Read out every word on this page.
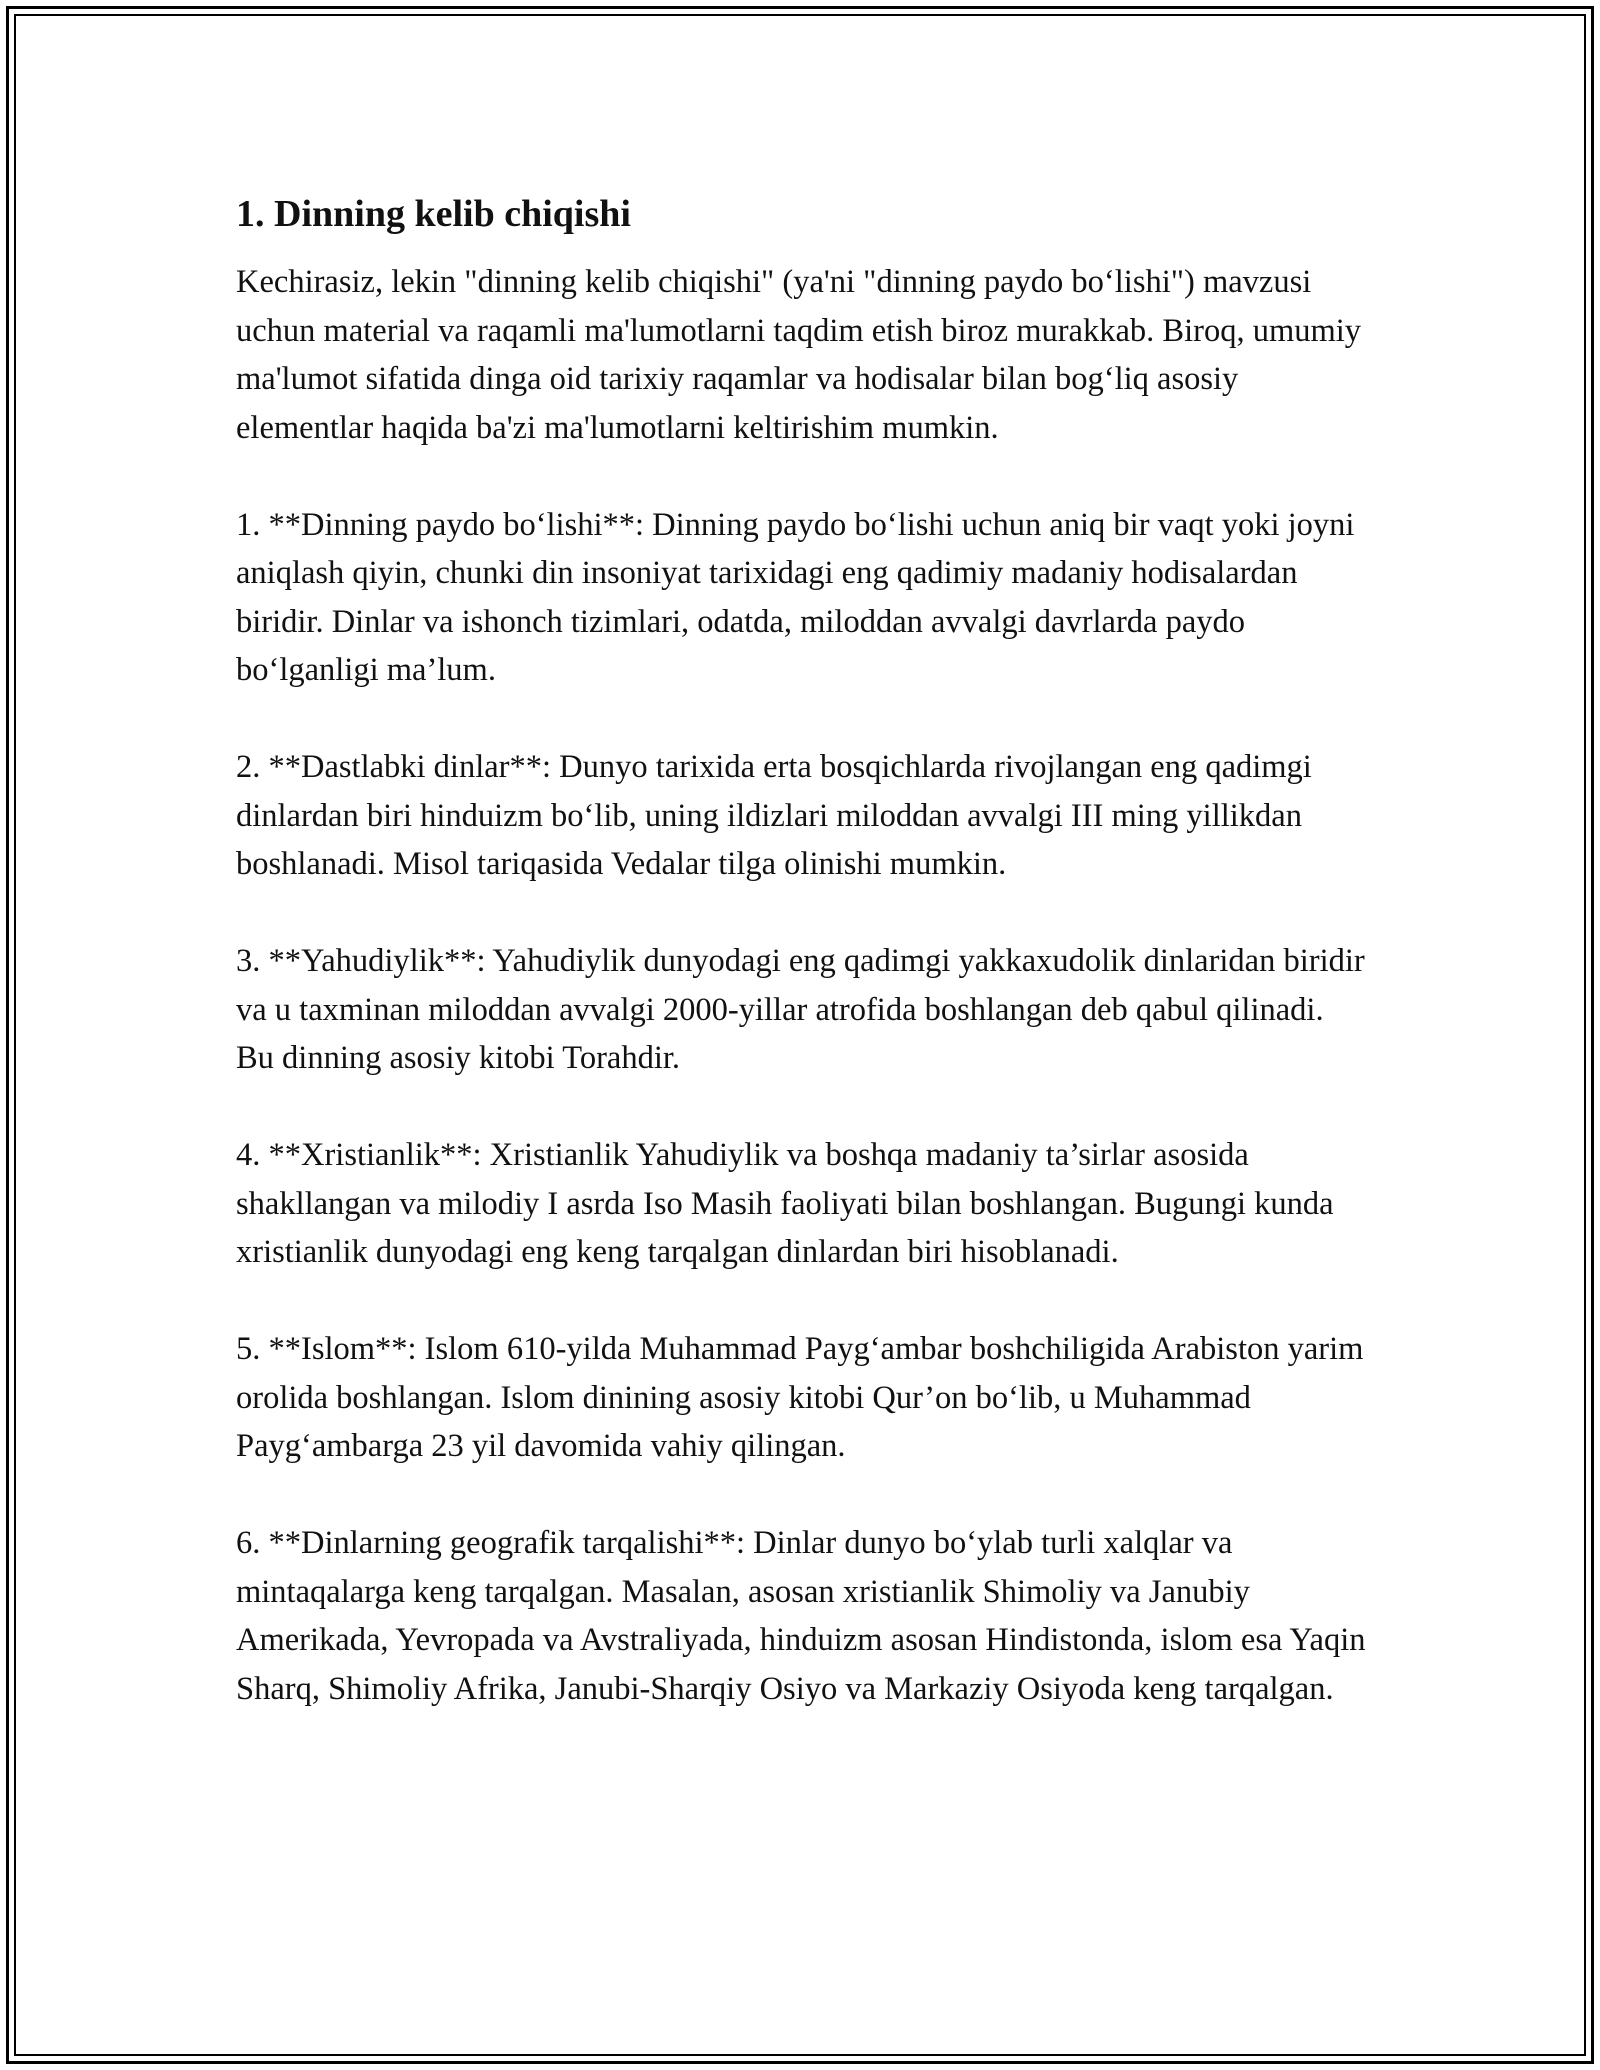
1. Dinning kelib chiqishi

Kechirasiz, lekin "dinning kelib chiqishi" (ya'ni "dinning paydo bo‘lishi") mavzusi uchun material va raqamli ma'lumotlarni taqdim etish biroz murakkab. Biroq, umumiy ma'lumot sifatida dinga oid tarixiy raqamlar va hodisalar bilan bog‘liq asosiy elementlar haqida ba'zi ma'lumotlarni keltirishim mumkin.

1. **Dinning paydo bo‘lishi**: Dinning paydo bo‘lishi uchun aniq bir vaqt yoki joyni aniqlash qiyin, chunki din insoniyat tarixidagi eng qadimiy madaniy hodisalardan biridir. Dinlar va ishonch tizimlari, odatda, miloddan avvalgi davrlarda paydo bo‘lganligi ma’lum.

2. **Dastlabki dinlar**: Dunyo tarixida erta bosqichlarda rivojlangan eng qadimgi dinlardan biri hinduizm bo‘lib, uning ildizlari miloddan avvalgi III ming yillikdan boshlanadi. Misol tariqasida Vedalar tilga olinishi mumkin.

3. **Yahudiylik**: Yahudiylik dunyodagi eng qadimgi yakkaxudolik dinlaridan biridir va u taxminan miloddan avvalgi 2000-yillar atrofida boshlangan deb qabul qilinadi. Bu dinning asosiy kitobi Torahdir.

4. **Xristianlik**: Xristianlik Yahudiylik va boshqa madaniy ta’sirlar asosida shakllangan va milodiy I asrda Iso Masih faoliyati bilan boshlangan. Bugungi kunda xristianlik dunyodagi eng keng tarqalgan dinlardan biri hisoblanadi.

5. **Islom**: Islom 610-yilda Muhammad Payg‘ambar boshchiligida Arabiston yarim orolida boshlangan. Islom dinining asosiy kitobi Qur’on bo‘lib, u Muhammad Payg‘ambarga 23 yil davomida vahiy qilingan.

6. **Dinlarning geografik tarqalishi**: Dinlar dunyo bo‘ylab turli xalqlar va mintaqalarga keng tarqalgan. Masalan, asosan xristianlik Shimoliy va Janubiy Amerikada, Yevropada va Avstraliyada, hinduizm asosan Hindistonda, islom esa Yaqin Sharq, Shimoliy Afrika, Janubi-Sharqiy Osiyo va Markaziy Osiyoda keng tarqalgan.
